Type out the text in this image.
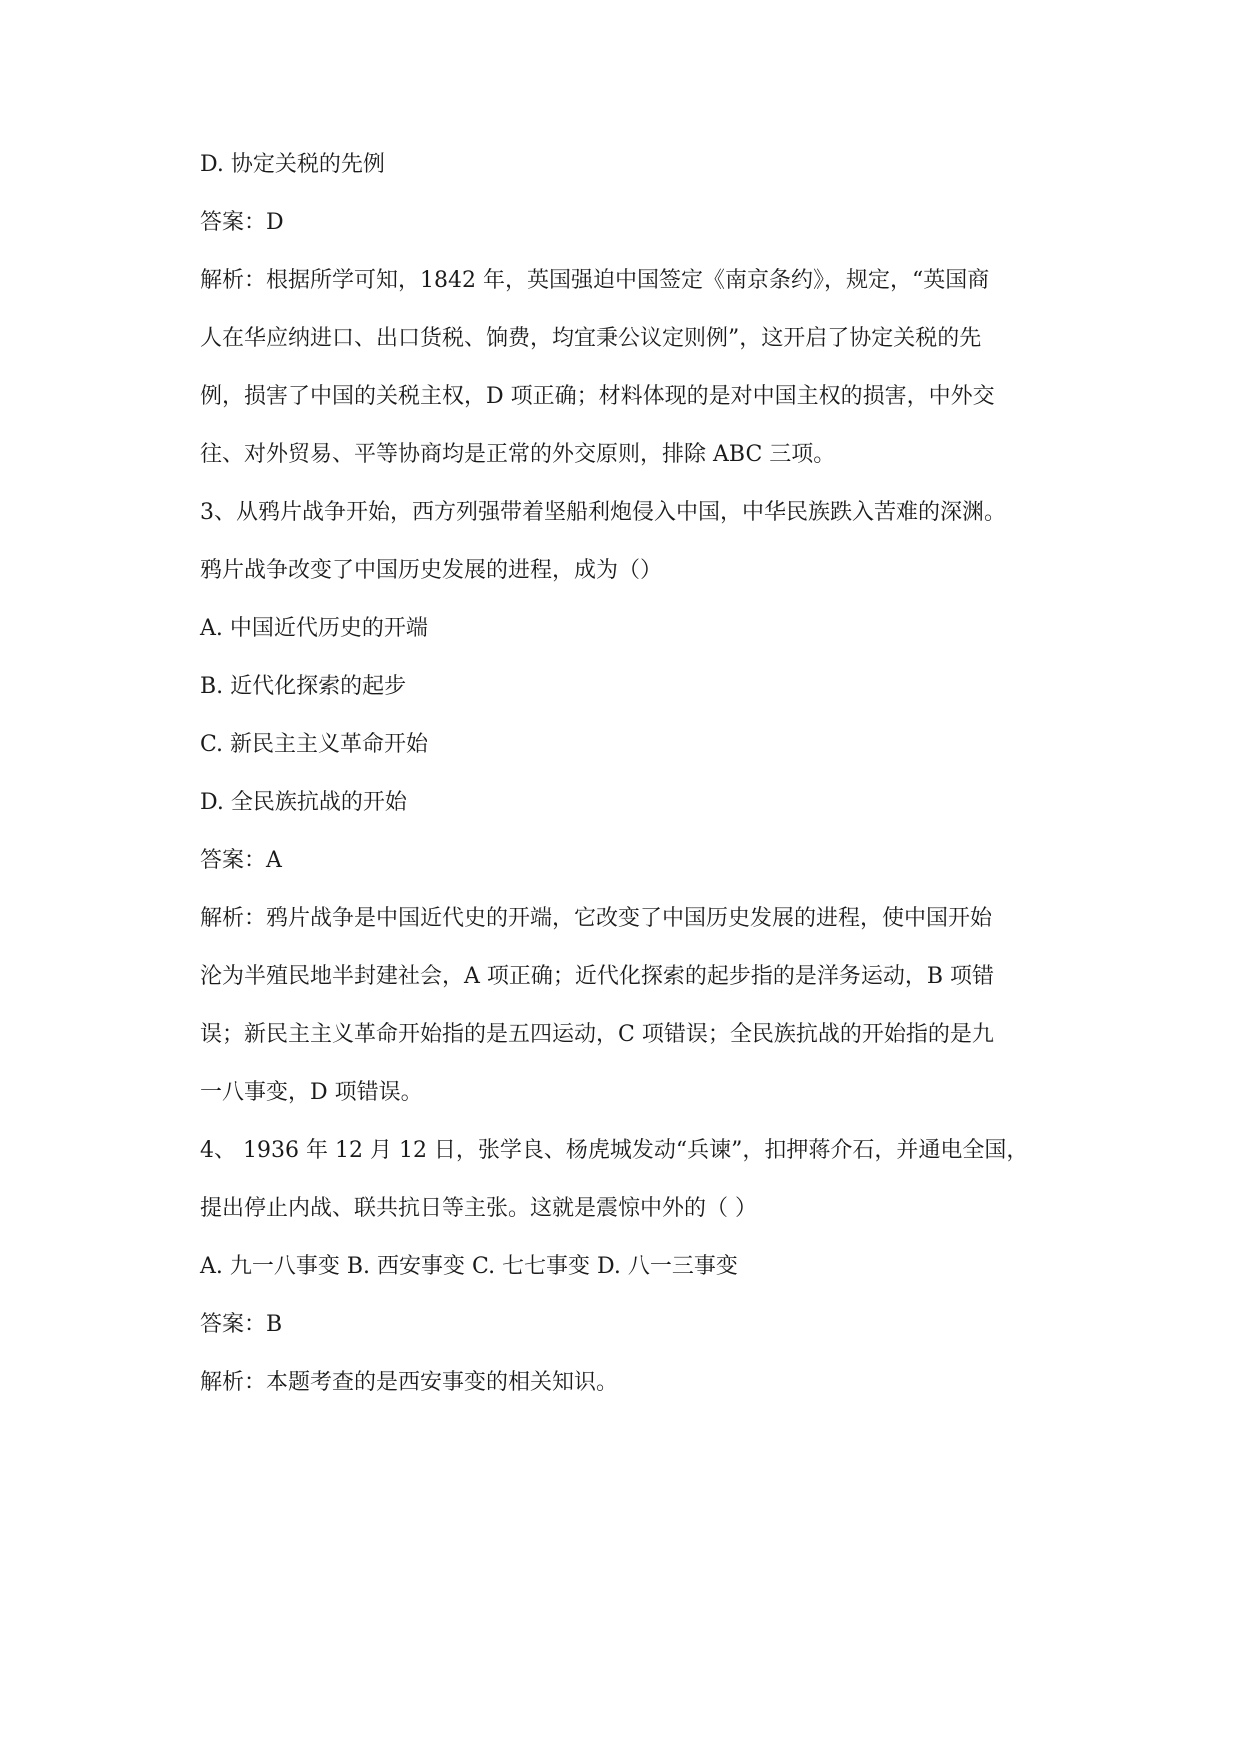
D. 协定关税的先例

答案：D

解析：根据所学可知，1842 年，英国强迫中国签定《南京条约》，规定，“英国商

人在华应纳进口、出口货税、饷费，均宜秉公议定则例”，这开启了协定关税的先

例，损害了中国的关税主权，D 项正确；材料体现的是对中国主权的损害，中外交

往、对外贸易、平等协商均是正常的外交原则，排除 ABC 三项。

3、从鸦片战争开始，西方列强带着坚船利炮侵入中国，中华民族跌入苦难的深渊。

鸦片战争改变了中国历史发展的进程，成为（）

A. 中国近代历史的开端

B. 近代化探索的起步

C. 新民主主义革命开始

D. 全民族抗战的开始

答案：A

解析：鸦片战争是中国近代史的开端，它改变了中国历史发展的进程，使中国开始

沦为半殖民地半封建社会，A 项正确；近代化探索的起步指的是洋务运动，B 项错

误；新民主主义革命开始指的是五四运动，C 项错误；全民族抗战的开始指的是九

一八事变，D 项错误。

4、 1936 年 12 月 12 日，张学良、杨虎城发动“兵谏”，扣押蒋介石，并通电全国，

提出停止内战、联共抗日等主张。这就是震惊中外的（ ）

A. 九一八事变 B. 西安事变 C. 七七事变 D. 八一三事变

答案：B

解析：本题考查的是西安事变的相关知识。
